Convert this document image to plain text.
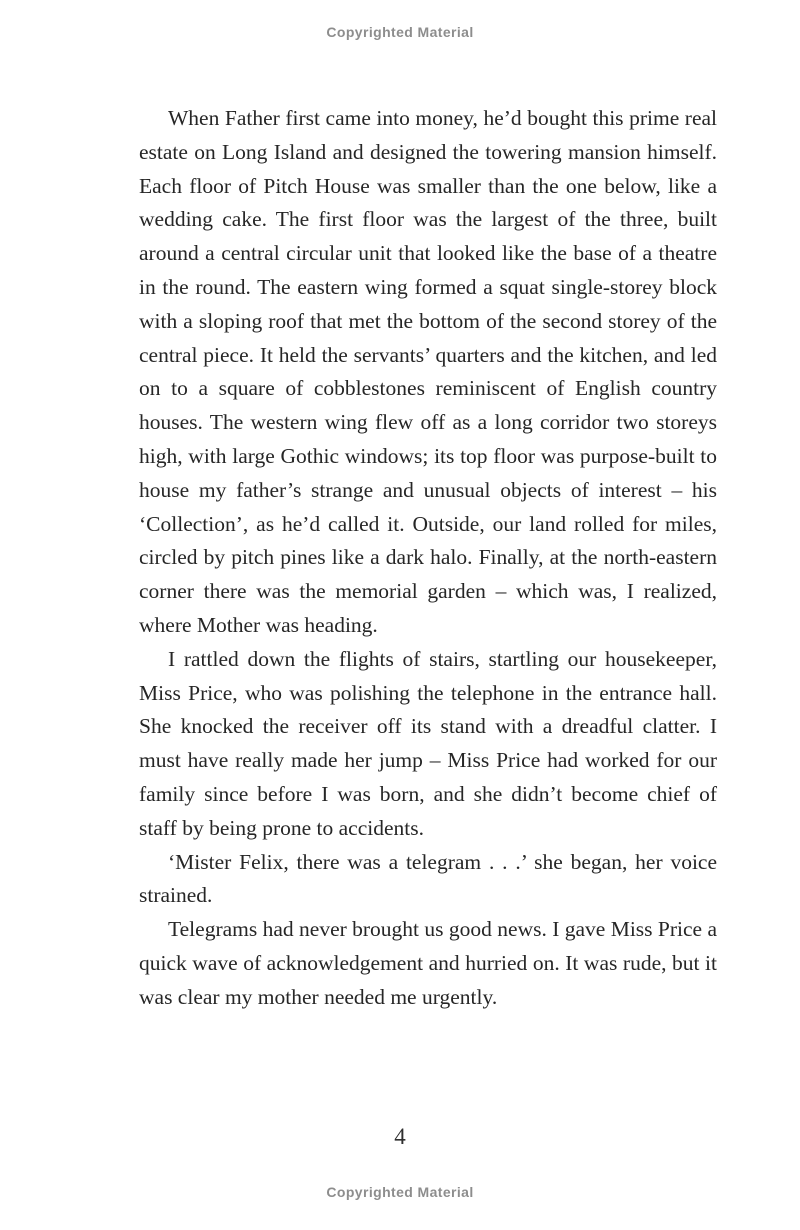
Copyrighted Material

When Father first came into money, he’d bought this prime real estate on Long Island and designed the towering mansion himself. Each floor of Pitch House was smaller than the one below, like a wedding cake. The first floor was the largest of the three, built around a central circular unit that looked like the base of a theatre in the round. The eastern wing formed a squat single-storey block with a sloping roof that met the bottom of the second storey of the central piece. It held the servants’ quarters and the kitchen, and led on to a square of cobblestones reminiscent of English country houses. The western wing flew off as a long corridor two storeys high, with large Gothic windows; its top floor was purpose-built to house my father’s strange and unusual objects of interest – his ‘Collection’, as he’d called it. Outside, our land rolled for miles, circled by pitch pines like a dark halo. Finally, at the north-eastern corner there was the memorial garden – which was, I realized, where Mother was heading.

I rattled down the flights of stairs, startling our housekeeper, Miss Price, who was polishing the telephone in the entrance hall. She knocked the receiver off its stand with a dreadful clatter. I must have really made her jump – Miss Price had worked for our family since before I was born, and she didn’t become chief of staff by being prone to accidents.

‘Mister Felix, there was a telegram . . .’ she began, her voice strained.

Telegrams had never brought us good news. I gave Miss Price a quick wave of acknowledgement and hurried on. It was rude, but it was clear my mother needed me urgently.

4
Copyrighted Material
